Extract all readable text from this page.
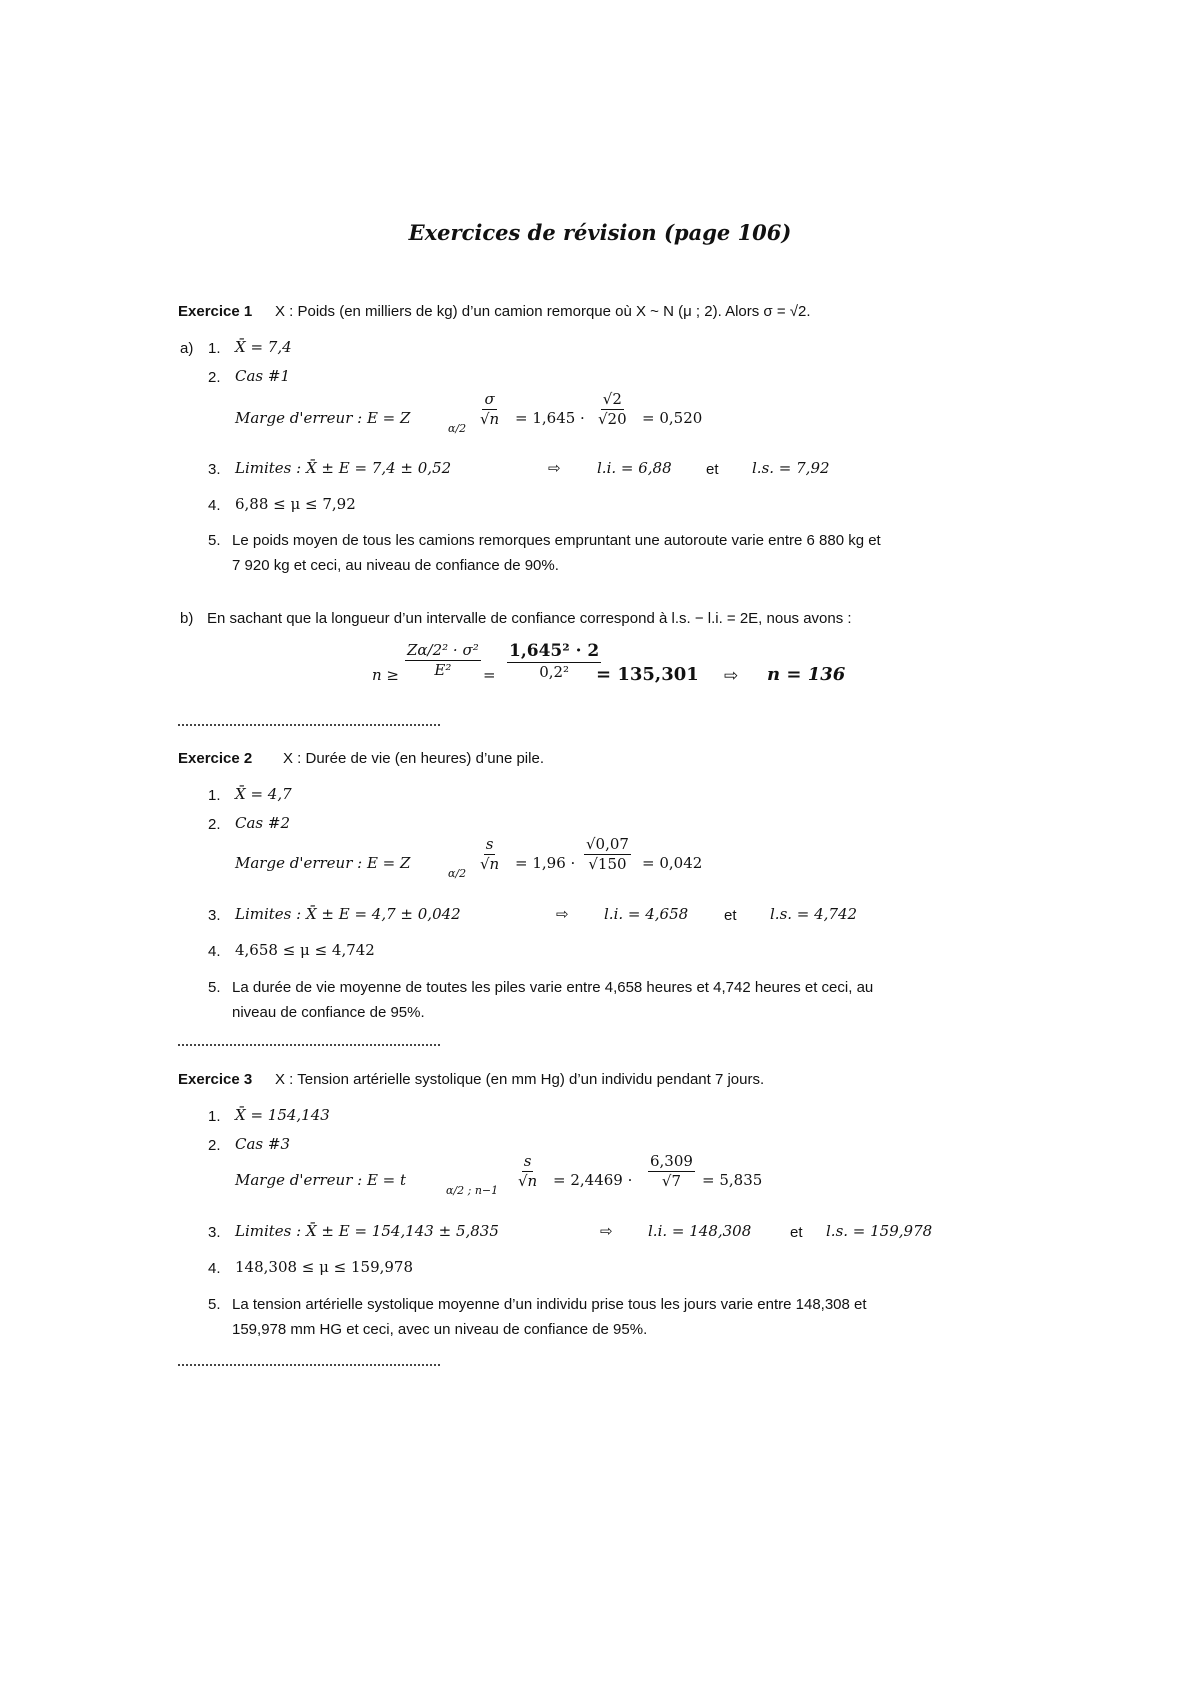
Exercices de révision (page 106)
Exercice 1 X : Poids (en milliers de kg) d’un camion remorque où X ~ N (μ ; 2). Alors σ = √2.
a) 1. X̄ = 7,4
2. Cas #1
Marge d'erreur : E = Z
α/2
$\frac{\sigma}{√n} = 1,645 \cdot \frac{√2}{√20} = 0,520$
3. Limites : X̄ ± E = 7,4 ± 0,52	⇨ l.i. = 6,88 et l.s. = 7,92
4. 6,88 ≤ μ ≤ 7,92
5. Le poids moyen de tous les camions remorques empruntant une autoroute varie entre 6 880 kg et
7 920 kg et ceci, au niveau de confiance de 90%.
b) En sachant que la longueur d’un intervalle de confiance correspond à l.s. − l.i. = 2E, nous avons :
$n \ge \frac{\text{Zα/2² · σ²}}{\text{E²}} = \frac{\text{1,645² · 2}}{\text{0,2²}}$
= 135,301 ⇨ n = 136
Exercice 2 X : Durée de vie (en heures) d’une pile.
1. X̄ = 4,7
2. Cas #2
Marge d'erreur : E = Z
α/2
$\frac{s}{√n} = 1,96 \cdot \frac{√0,07}{√150} = 0,042$
3. Limites : X̄ ± E = 4,7 ± 0,042	⇨ l.i. = 4,658 et l.s. = 4,742
4. 4,658 ≤ μ ≤ 4,742
5. La durée de vie moyenne de toutes les piles varie entre 4,658 heures et 4,742 heures et ceci, au
niveau de confiance de 95%.
Exercice 3 X : Tension artérielle systolique (en mm Hg) d’un individu pendant 7 jours.
1. X̄ = 154,143
2. Cas #3
Marge d'erreur : E = t
α/2 ; n−1
$\frac{s}{√n} = 2,4469 \cdot \frac{6,309}{√7} = 5,835$
3. Limites : X̄ ± E = 154,143 ± 5,835	⇨ l.i. = 148,308	et l.s. = 159,978
4. 148,308 ≤ μ ≤ 159,978
5. La tension artérielle systolique moyenne d’un individu prise tous les jours varie entre 148,308 et
159,978 mm HG et ceci, avec un niveau de confiance de 95%.
